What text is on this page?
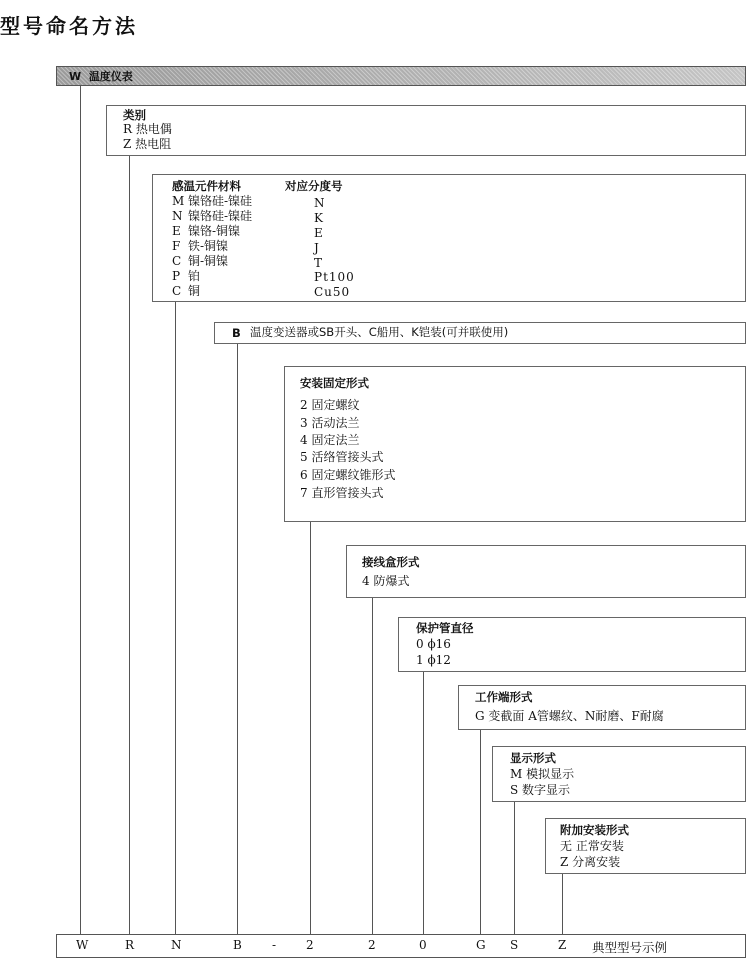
型号命名方法
W 温度仪表
类别
R 热电偶
Z 热电阻
感温元件材料	对应分度号
M 镍铬硅-镍硅	N
N 镍铬硅-镍硅	K
E 镍铬-铜镍	E
F 铁-铜镍	J
C 铜-铜镍	T
P 铂	Pt100
C 铜	Cu50
B 温度变送器或SB开头、C船用、K铠装(可并联使用)
安装固定形式
2 固定螺纹
3 活动法兰
4 固定法兰
5 活络管接头式
6 固定螺纹锥形式
7 直形管接头式
接线盒形式
4 防爆式
保护管直径
0 ϕ16
1 ϕ12
工作端形式
G 变截面 A管螺纹、N耐磨、F耐腐
显示形式
M 模拟显示
S 数字显示
附加安装形式
无 正常安装
Z 分离安装
W	R	N	B	- 2	2	0	G S	Z 典型型号示例
